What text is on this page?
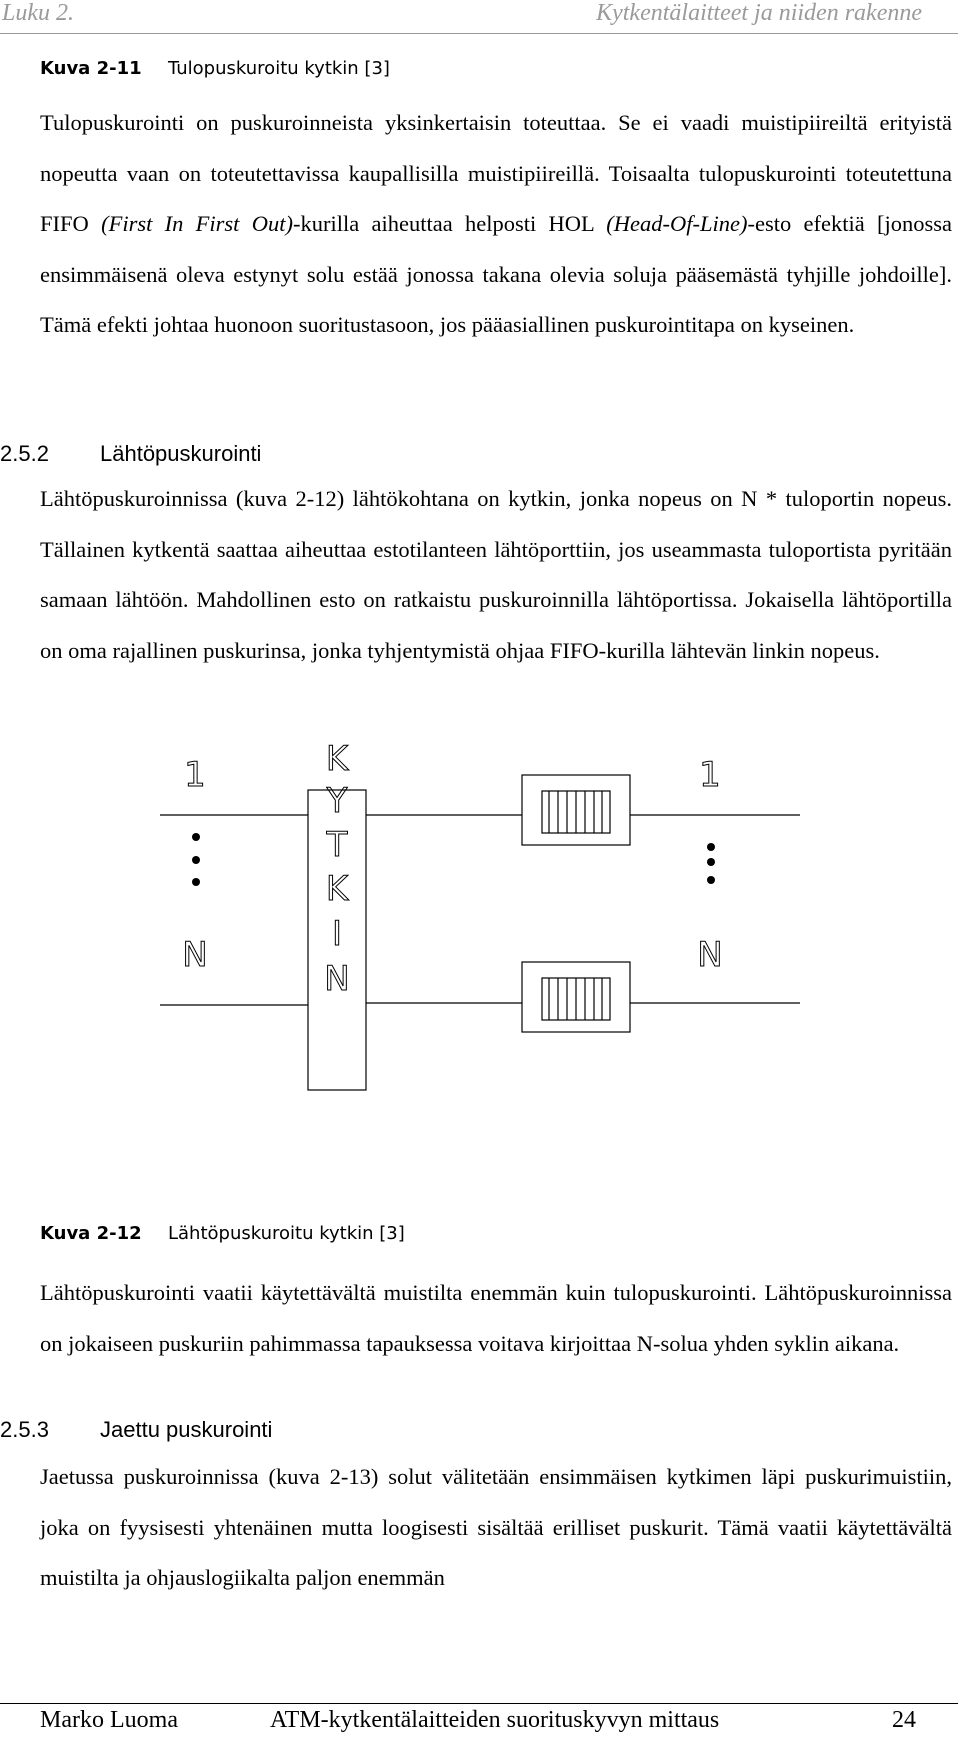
Luku 2.	Kytkentälaitteet ja niiden rakenne
Kuva 2-11 Tulopuskuroitu kytkin [3]

Tulopuskurointi on puskuroinneista yksinkertaisin toteuttaa. Se ei vaadi muistipiireiltä erityistä nopeutta vaan on toteutettavissa kaupallisilla muistipiireillä. Toisaalta tulopuskurointi toteutettuna FIFO (First In First Out)-kurilla aiheuttaa helposti HOL (Head-Of-Line)-esto efektiä [jonossa ensimmäisenä oleva estynyt solu estää jonossa takana olevia soluja pääsemästä tyhjille johdoille]. Tämä efekti johtaa huonoon suoritustasoon, jos pääasiallinen puskurointitapa on kyseinen.

2.5.2 Lähtöpuskurointi

Lähtöpuskuroinnissa (kuva 2-12) lähtökohtana on kytkin, jonka nopeus on N * tuloportin nopeus. Tällainen kytkentä saattaa aiheuttaa estotilanteen lähtöporttiin, jos useammasta tuloportista pyritään samaan lähtöön. Mahdollinen esto on ratkaistu puskuroinnilla lähtöportissa. Jokaisella lähtöportilla on oma rajallinen puskurinsa, jonka tyhjentymistä ohjaa FIFO-kurilla lähtevän linkin nopeus.

K
Y
T
K
I
N
1
N
1
N
Kuva 2-12 Lähtöpuskuroitu kytkin [3]

Lähtöpuskurointi vaatii käytettävältä muistilta enemmän kuin tulopuskurointi. Lähtöpuskuroinnissa on jokaiseen puskuriin pahimmassa tapauksessa voitava kirjoittaa N-solua yhden syklin aikana.

2.5.3 Jaettu puskurointi

Jaetussa puskuroinnissa (kuva 2-13) solut välitetään ensimmäisen kytkimen läpi puskurimuistiin, joka on fyysisesti yhtenäinen mutta loogisesti sisältää erilliset puskurit. Tämä vaatii käytettävältä muistilta ja ohjauslogiikalta paljon enemmän

Marko Luoma	ATM-kytkentälaitteiden suorituskyvyn mittaus	24
